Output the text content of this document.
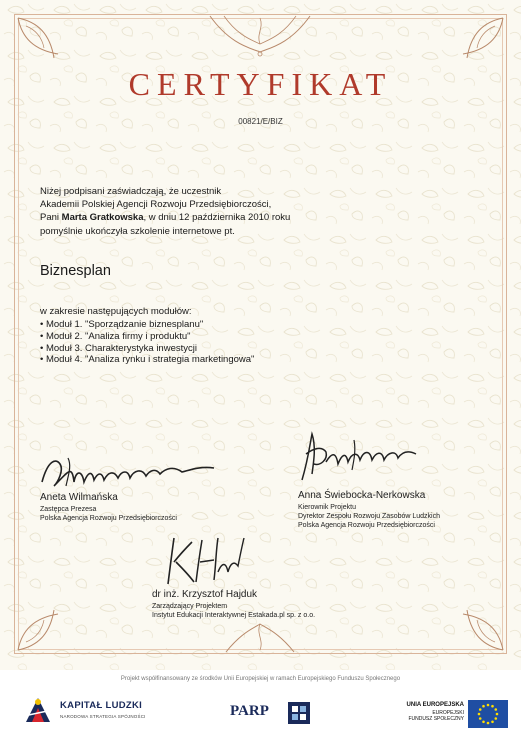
CERTYFIKAT
00821/E/BIZ
Niżej podpisani zaświadczają, że uczestnik
Akademii Polskiej Agencji Rozwoju Przedsiębiorczości,
Pani Marta Gratkowska, w dniu 12 października 2010 roku
pomyślnie ukończyła szkolenie internetowe pt.
Biznesplan
w zakresie następujących modułów:
• Moduł 1. "Sporządzanie biznesplanu"
• Moduł 2. "Analiza firmy i produktu"
• Moduł 3. Charakterystyka inwestycji
• Moduł 4. "Analiza rynku i strategia marketingowa"
Aneta Wilmańska
Zastępca Prezesa
Polska Agencja Rozwoju Przedsiębiorczości
Anna Świebocka-Nerkowska
Kierownik Projektu
Dyrektor Zespołu Rozwoju Zasobów Ludzkich
Polska Agencja Rozwoju Przedsiębiorczości
dr inż. Krzysztof Hajduk
Zarządzający Projektem
Instytut Edukacji Interaktywnej Estakada.pl sp. z o.o.
Projekt współfinansowany ze środków Unii Europejskiej w ramach Europejskiego Funduszu Społecznego
KAPITAŁ LUDZKI
NARODOWA STRATEGIA SPÓJNOŚCI	PARP	UNIA EUROPEJSKA
EUROPEJSKI
FUNDUSZ SPOŁECZNY
